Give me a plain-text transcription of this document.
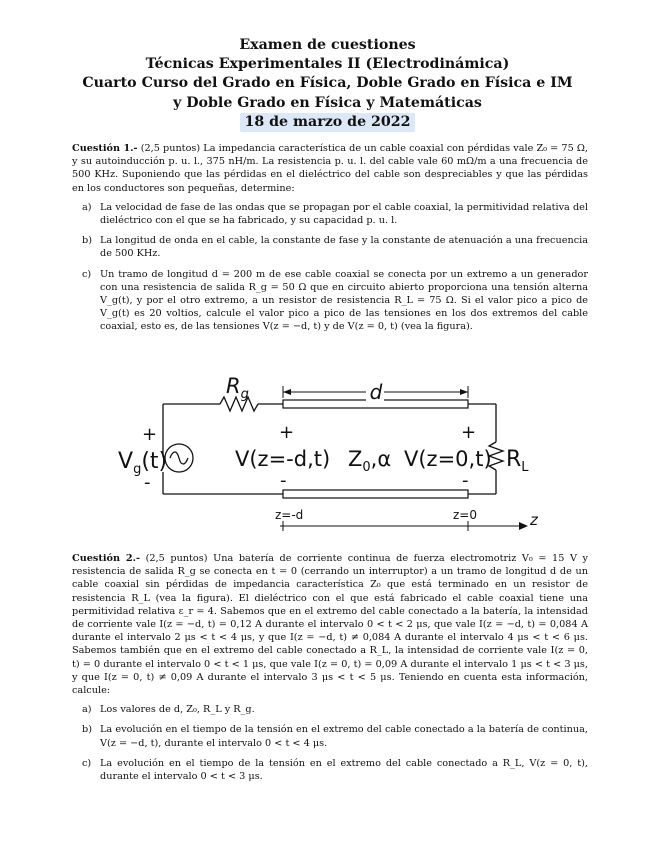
Examen de cuestiones
Técnicas Experimentales II (Electrodinámica)
Cuarto Curso del Grado en Física, Doble Grado en Física e IM
y Doble Grado en Física y Matemáticas
18 de marzo de 2022

Cuestión 1.- (2,5 puntos) La impedancia característica de un cable coaxial con pérdidas vale Z₀ = 75 Ω, y su autoinducción p. u. l., 375 nH/m. La resistencia p. u. l. del cable vale 60 mΩ/m a una frecuencia de 500 KHz. Suponiendo que las pérdidas en el dieléctrico del cable son despreciables y que las pérdidas en los conductores son pequeñas, determine:

a) La velocidad de fase de las ondas que se propagan por el cable coaxial, la permitividad relativa del dieléctrico con el que se ha fabricado, y su capacidad p. u. l.
b) La longitud de onda en el cable, la constante de fase y la constante de atenuación a una frecuencia de 500 KHz.
c) Un tramo de longitud d = 200 m de ese cable coaxial se conecta por un extremo a un generador con una resistencia de salida R_g = 50 Ω que en circuito abierto proporciona una tensión alterna V_g(t), y por el otro extremo, a un resistor de resistencia R_L = 75 Ω. Si el valor pico a pico de V_g(t) es 20 voltios, calcule el valor pico a pico de las tensiones en los dos extremos del cable coaxial, esto es, de las tensiones V(z = −d, t) y de V(z = 0, t) (vea la figura).
d
$R_g$
+
-
+
-
+
-
$V_g(t)$	V(z=-d,t) $Z_0,\alpha$ V(z=0,t) $R_L$
z=-d	z=0	z

Cuestión 2.- (2,5 puntos) Una batería de corriente continua de fuerza electromotriz V₀ = 15 V y resistencia de salida R_g se conecta en t = 0 (cerrando un interruptor) a un tramo de longitud d de un cable coaxial sin pérdidas de impedancia característica Z₀ que está terminado en un resistor de resistencia R_L (vea la figura). El dieléctrico con el que está fabricado el cable coaxial tiene una permitividad relativa ε_r = 4. Sabemos que en el extremo del cable conectado a la batería, la intensidad de corriente vale I(z = −d, t) = 0,12 A durante el intervalo 0 < t < 2 μs, que vale I(z = −d, t) = 0,084 A durante el intervalo 2 μs < t < 4 μs, y que I(z = −d, t) ≠ 0,084 A durante el intervalo 4 μs < t < 6 μs. Sabemos también que en el extremo del cable conectado a R_L, la intensidad de corriente vale I(z = 0, t) = 0 durante el intervalo 0 < t < 1 μs, que vale I(z = 0, t) = 0,09 A durante el intervalo 1 μs < t < 3 μs, y que I(z = 0, t) ≠ 0,09 A durante el intervalo 3 μs < t < 5 μs. Teniendo en cuenta esta información, calcule:

a) Los valores de d, Z₀, R_L y R_g.
b) La evolución en el tiempo de la tensión en el extremo del cable conectado a la batería de continua, V(z = −d, t), durante el intervalo 0 < t < 4 μs.
c) La evolución en el tiempo de la tensión en el extremo del cable conectado a R_L, V(z = 0, t), durante el intervalo 0 < t < 3 μs.
